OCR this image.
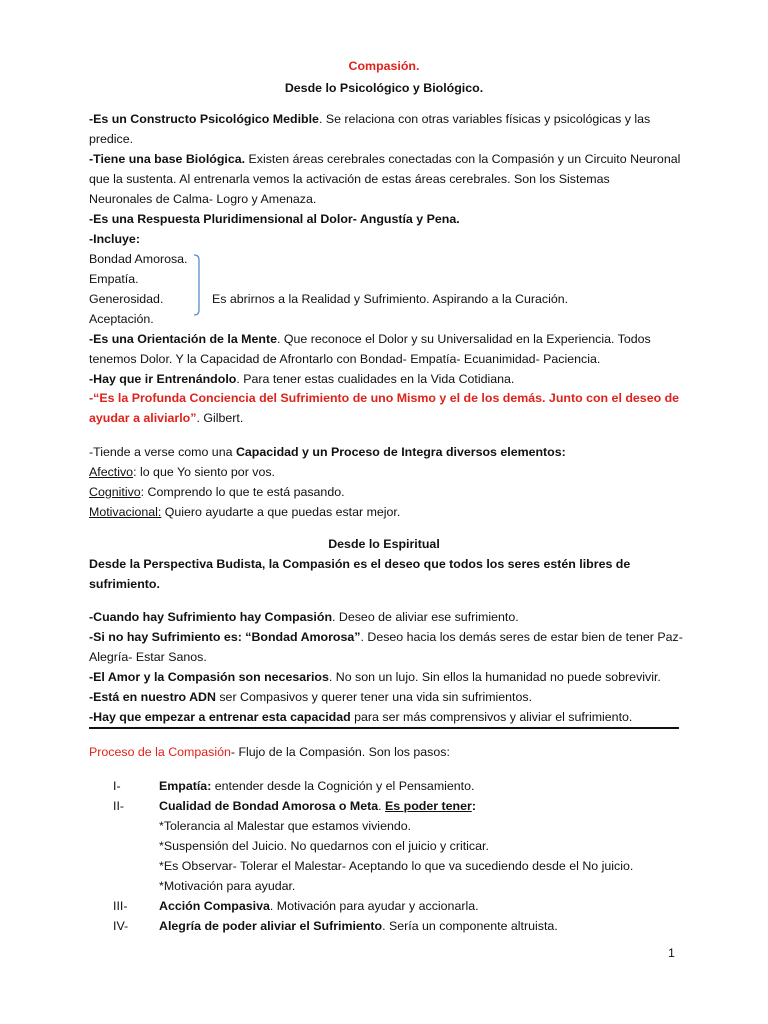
Compasión.
Desde lo Psicológico y Biológico.
-Es un Constructo Psicológico Medible. Se relaciona con otras variables físicas y psicológicas y las
predice.
-Tiene una base Biológica. Existen áreas cerebrales conectadas con la Compasión y un Circuito Neuronal
que la sustenta. Al entrenarla vemos la activación de estas áreas cerebrales. Son los Sistemas
Neuronales de Calma- Logro y Amenaza.
-Es una Respuesta Pluridimensional al Dolor- Angustía y Pena.
-Incluye:
Bondad Amorosa.
Empatía.
Generosidad.
Aceptación.
Es abrirnos a la Realidad y Sufrimiento. Aspirando a la Curación.
-Es una Orientación de la Mente. Que reconoce el Dolor y su Universalidad en la Experiencia. Todos
tenemos Dolor. Y la Capacidad de Afrontarlo con Bondad- Empatía- Ecuanimidad- Paciencia.
-Hay que ir Entrenándolo. Para tener estas cualidades en la Vida Cotidiana.
-“Es la Profunda Conciencia del Sufrimiento de uno Mismo y el de los demás. Junto con el deseo de
ayudar a aliviarlo”. Gilbert.
-Tiende a verse como una Capacidad y un Proceso de Integra diversos elementos:
Afectivo: lo que Yo siento por vos.
Cognitivo: Comprendo lo que te está pasando.
Motivacional: Quiero ayudarte a que puedas estar mejor.
Desde lo Espiritual
Desde la Perspectiva Budista, la Compasión es el deseo que todos los seres estén libres de
sufrimiento.
-Cuando hay Sufrimiento hay Compasión. Deseo de aliviar ese sufrimiento.
-Si no hay Sufrimiento es: “Bondad Amorosa”. Deseo hacia los demás seres de estar bien de tener Paz-
Alegría- Estar Sanos.
-El Amor y la Compasión son necesarios. No son un lujo. Sin ellos la humanidad no puede sobrevivir.
-Está en nuestro ADN ser Compasivos y querer tener una vida sin sufrimientos.
-Hay que empezar a entrenar esta capacidad para ser más comprensivos y aliviar el sufrimiento.
Proceso de la Compasión- Flujo de la Compasión. Son los pasos:
I-	Empatía: entender desde la Cognición y el Pensamiento.
II-	Cualidad de Bondad Amorosa o Meta. Es poder tener:
*Tolerancia al Malestar que estamos viviendo.
*Suspensión del Juicio. No quedarnos con el juicio y criticar.
*Es Observar- Tolerar el Malestar- Aceptando lo que va sucediendo desde el No juicio.
*Motivación para ayudar.
III-	Acción Compasiva. Motivación para ayudar y accionarla.
IV- Alegría de poder aliviar el Sufrimiento. Sería un componente altruista.
1
